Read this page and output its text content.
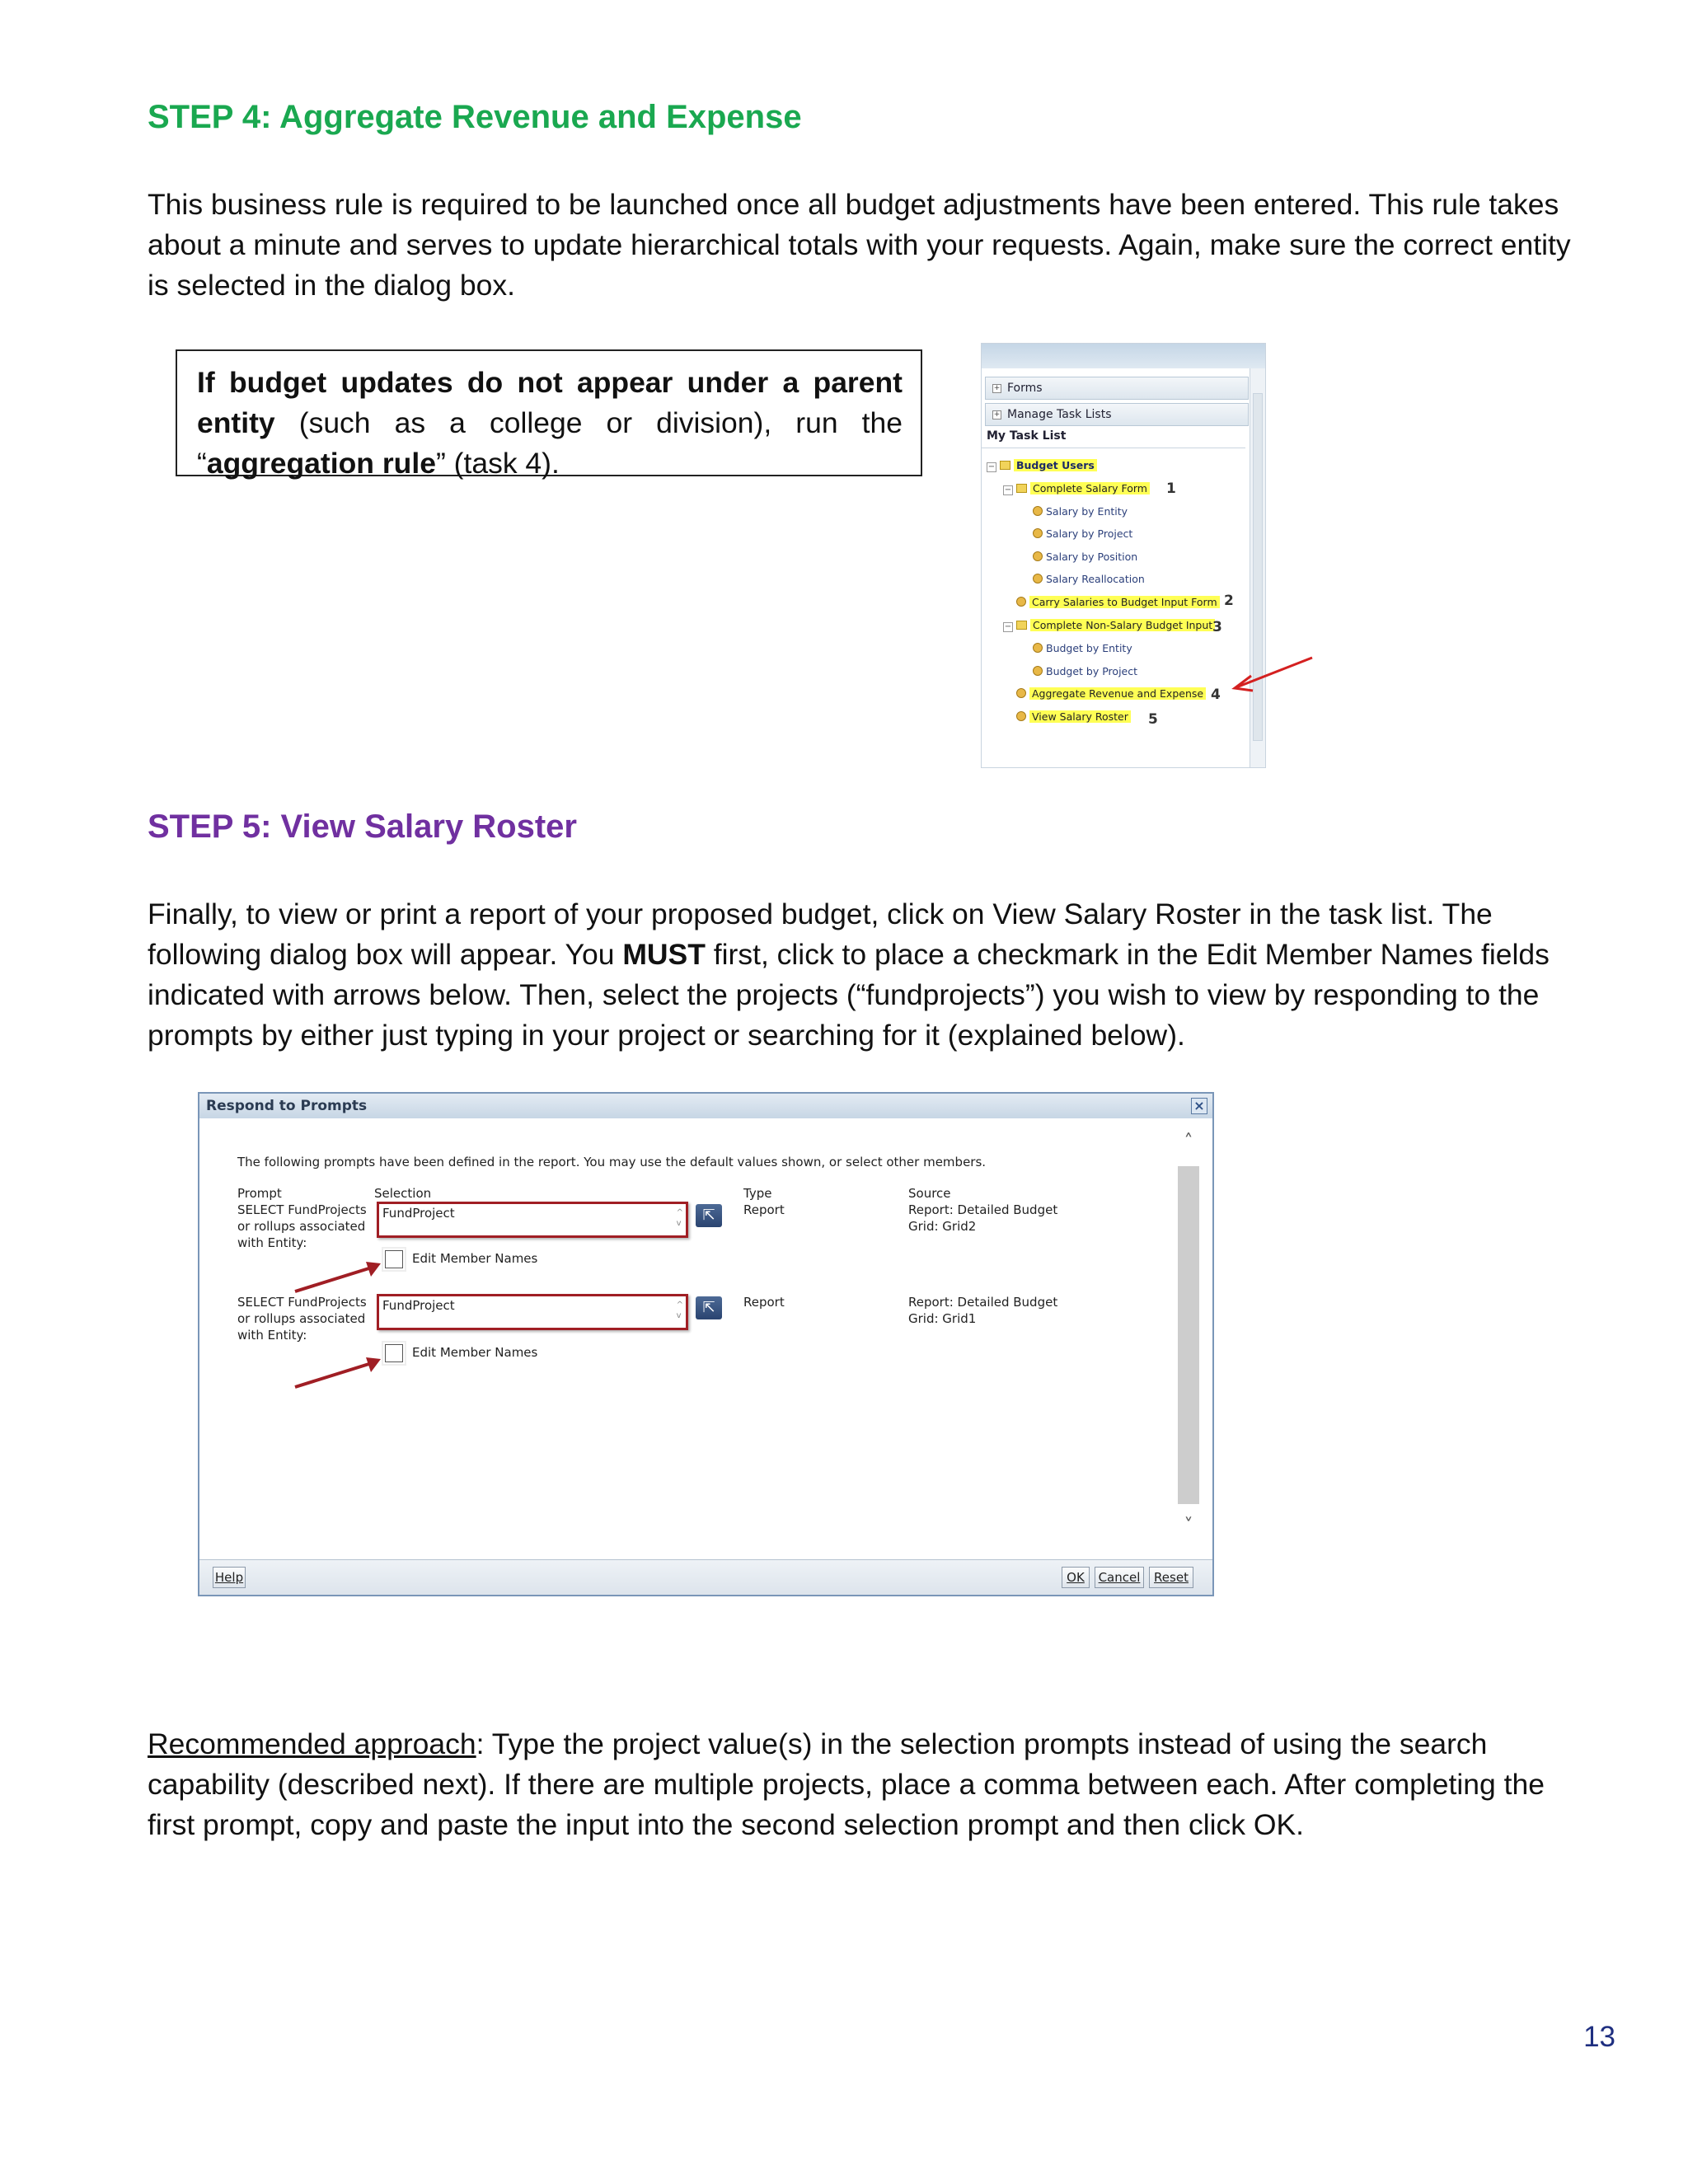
STEP 4: Aggregate Revenue and Expense
This business rule is required to be launched once all budget adjustments have been entered. This rule takes about a minute and serves to update hierarchical totals with your requests. Again, make sure the correct entity is selected in the dialog box.
If budget updates do not appear under a parent entity (such as a college or division), run the “aggregation rule” (task 4).
+ Forms
+ Manage Task Lists
My Task List
−	Budget Users
−	Complete Salary Form 1
Salary by Entity
Salary by Project
Salary by Position
Salary Reallocation
Carry Salaries to Budget Input Form 2
−	Complete Non-Salary Budget Input 3
Budget by Entity
Budget by Project
Aggregate Revenue and Expense 4
View Salary Roster 5
STEP 5: View Salary Roster
Finally, to view or print a report of your proposed budget, click on View Salary Roster in the task list. The following dialog box will appear. You MUST first, click to place a checkmark in the Edit Member Names fields indicated with arrows below. Then, select the projects (“fundprojects”) you wish to view by responding to the prompts by either just typing in your project or searching for it (explained below).
Respond to Prompts	×
The following prompts have been defined in the report. You may use the default values shown, or select other members.
Prompt	Selection	Type	Source
SELECT FundProjects
or rollups associated
with Entity:
FundProject	^
v	⇱	Report	Report: Detailed Budget
Grid: Grid2
Edit Member Names
SELECT FundProjects
or rollups associated
with Entity:
FundProject	^
v	⇱	Report	Report: Detailed Budget
Grid: Grid1
Edit Member Names
˄
˅
Help	OK	Cancel	Reset
Recommended approach: Type the project value(s) in the selection prompts instead of using the search capability (described next). If there are multiple projects, place a comma between each. After completing the first prompt, copy and paste the input into the second selection prompt and then click OK.
13
